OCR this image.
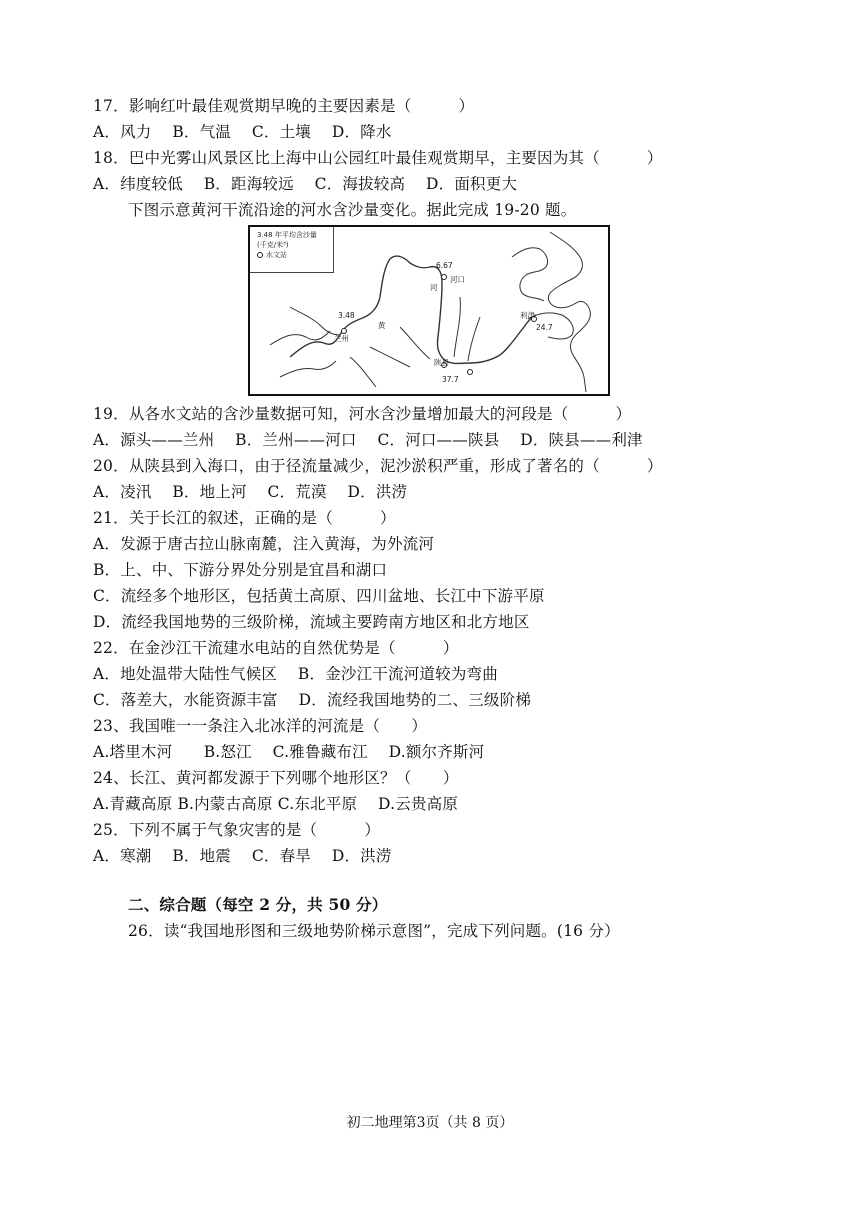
17．影响红叶最佳观赏期早晚的主要因素是（　　　）
A．风力　 B．气温　 C．土壤　 D．降水
18．巴中光雾山风景区比上海中山公园红叶最佳观赏期早，主要因为其（　　　）
A．纬度较低　 B．距海较远　 C．海拔较高　 D．面积更大
下图示意黄河干流沿途的河水含沙量变化。据此完成 19-20 题。
3.48 年平均含沙量
(千克/米³)
水文站
3.48
兰州
6.67
河口
河
黄
陕县
37.7
利津
24.7
19．从各水文站的含沙量数据可知，河水含沙量增加最大的河段是（　　　）
A．源头——兰州　 B．兰州——河口　 C．河口——陕县　 D．陕县——利津
20．从陕县到入海口，由于径流量减少，泥沙淤积严重，形成了著名的（　　　）
A．凌汛　 B．地上河　 C．荒漠　 D．洪涝
21．关于长江的叙述，正确的是（　　　）
A．发源于唐古拉山脉南麓，注入黄海，为外流河
B．上、中、下游分界处分别是宜昌和湖口
C．流经多个地形区，包括黄土高原、四川盆地、长江中下游平原
D．流经我国地势的三级阶梯，流域主要跨南方地区和北方地区
22．在金沙江干流建水电站的自然优势是（　　　）
A．地处温带大陆性气候区　 B．金沙江干流河道较为弯曲
C．落差大，水能资源丰富　 D．流经我国地势的二、三级阶梯
23、我国唯一一条注入北冰洋的河流是（　　）
A.塔里木河　　B.怒江　 C.雅鲁藏布江　 D.额尔齐斯河
24、长江、黄河都发源于下列哪个地形区？（　　）
A.青藏高原 B.内蒙古高原 C.东北平原　 D.云贵高原
25．下列不属于气象灾害的是（　　　）
A．寒潮　 B．地震　 C．春旱　 D．洪涝
二、综合题（每空 2 分，共 50 分）
26．读“我国地形图和三级地势阶梯示意图”，完成下列问题。(16 分）
初二地理第3页（共 8 页）
